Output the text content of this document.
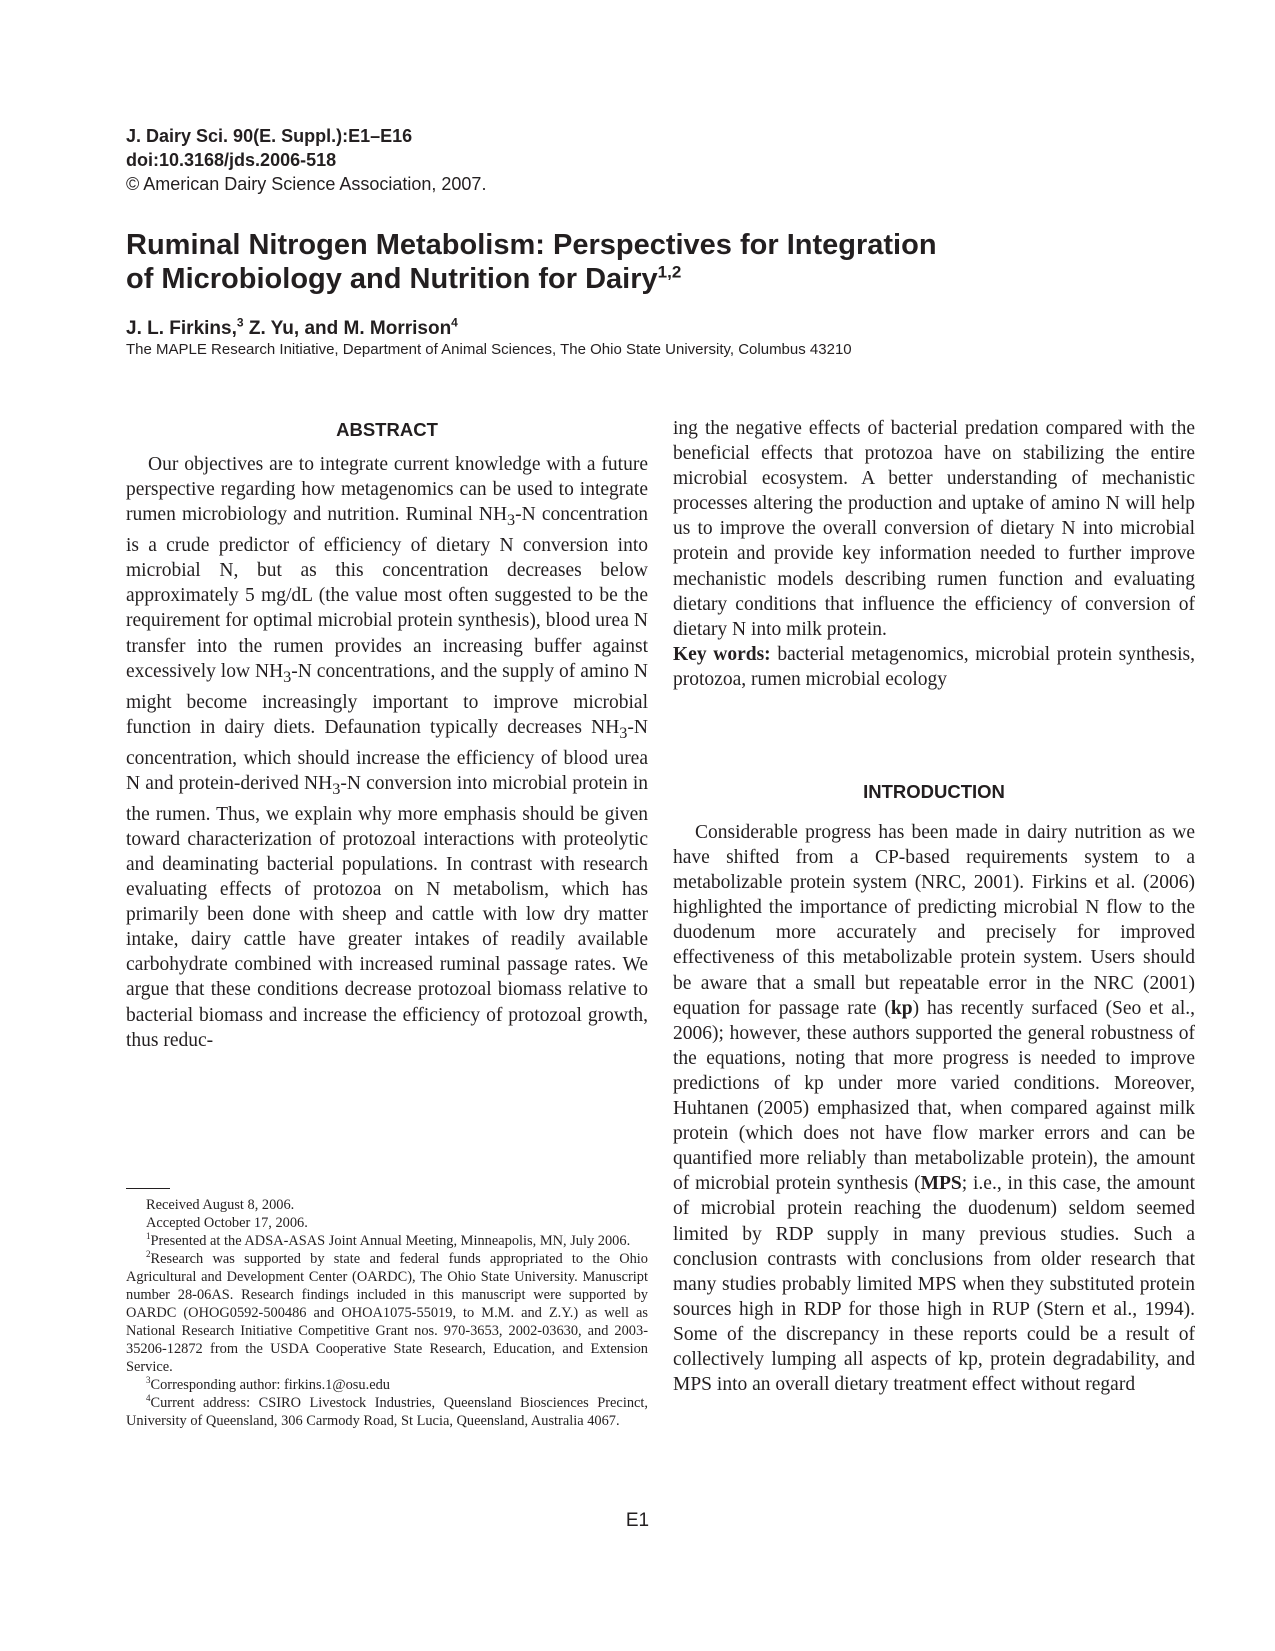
J. Dairy Sci. 90(E. Suppl.):E1–E16
doi:10.3168/jds.2006-518
© American Dairy Science Association, 2007.
Ruminal Nitrogen Metabolism: Perspectives for Integration
of Microbiology and Nutrition for Dairy$^{1,2}$
J. L. Firkins,$^3$ Z. Yu, and M. Morrison$^4$
The MAPLE Research Initiative, Department of Animal Sciences, The Ohio State University, Columbus 43210
ABSTRACT

Our objectives are to integrate current knowledge with a future perspective regarding how metagenomics can be used to integrate rumen microbiology and nutrition. Ruminal $NH_3-N$ concentration is a crude predictor of efficiency of dietary N conversion into microbial N, but as this concentration decreases below approximately 5 mg/dL (the value most often suggested to be the requirement for optimal microbial protein synthesis), blood urea N transfer into the rumen provides an increasing buffer against excessively low $NH_3-N$ concentrations, and the supply of amino N might become increasingly important to improve microbial function in dairy diets. Defaunation typically decreases $NH_3-N$ concentration, which should increase the efficiency of blood urea N and protein-derived $NH_3-N$ conversion into microbial protein in the rumen. Thus, we explain why more emphasis should be given toward characterization of protozoal interactions with proteolytic and deaminating bacterial populations. In contrast with research evaluating effects of protozoa on N metabolism, which has primarily been done with sheep and cattle with low dry matter intake, dairy cattle have greater intakes of readily available carbohydrate combined with increased ruminal passage rates. We argue that these conditions decrease protozoal biomass relative to bacterial biomass and increase the efficiency of protozoal growth, thus reduc-

Received August 8, 2006.

Accepted October 17, 2006.

$^1$Presented at the ADSA-ASAS Joint Annual Meeting, Minneapolis, MN, July 2006.

$^2$Research was supported by state and federal funds appropriated to the Ohio Agricultural and Development Center (OARDC), The Ohio State University. Manuscript number 28-06AS. Research findings included in this manuscript were supported by OARDC (OHOG0592-500486 and OHOA1075-55019, to M.M. and Z.Y.) as well as National Research Initiative Competitive Grant nos. 970-3653, 2002-03630, and 2003-35206-12872 from the USDA Cooperative State Research, Education, and Extension Service.

$^3$Corresponding author: firkins.1@osu.edu

$^4$Current address: CSIRO Livestock Industries, Queensland Biosciences Precinct, University of Queensland, 306 Carmody Road, St Lucia, Queensland, Australia 4067.

ing the negative effects of bacterial predation compared with the beneficial effects that protozoa have on stabilizing the entire microbial ecosystem. A better understanding of mechanistic processes altering the production and uptake of amino N will help us to improve the overall conversion of dietary N into microbial protein and provide key information needed to further improve mechanistic models describing rumen function and evaluating dietary conditions that influence the efficiency of conversion of dietary N into milk protein.

Key words: bacterial metagenomics, microbial protein synthesis, protozoa, rumen microbial ecology

INTRODUCTION

Considerable progress has been made in dairy nutrition as we have shifted from a CP-based requirements system to a metabolizable protein system (NRC, 2001). Firkins et al. (2006) highlighted the importance of predicting microbial N flow to the duodenum more accurately and precisely for improved effectiveness of this metabolizable protein system. Users should be aware that a small but repeatable error in the NRC (2001) equation for passage rate (kp) has recently surfaced (Seo et al., 2006); however, these authors supported the general robustness of the equations, noting that more progress is needed to improve predictions of kp under more varied conditions. Moreover, Huhtanen (2005) emphasized that, when compared against milk protein (which does not have flow marker errors and can be quantified more reliably than metabolizable protein), the amount of microbial protein synthesis (MPS; i.e., in this case, the amount of microbial protein reaching the duodenum) seldom seemed limited by RDP supply in many previous studies. Such a conclusion contrasts with conclusions from older research that many studies probably limited MPS when they substituted protein sources high in RDP for those high in RUP (Stern et al., 1994). Some of the discrepancy in these reports could be a result of collectively lumping all aspects of kp, protein degradability, and MPS into an overall dietary treatment effect without regard

E1
